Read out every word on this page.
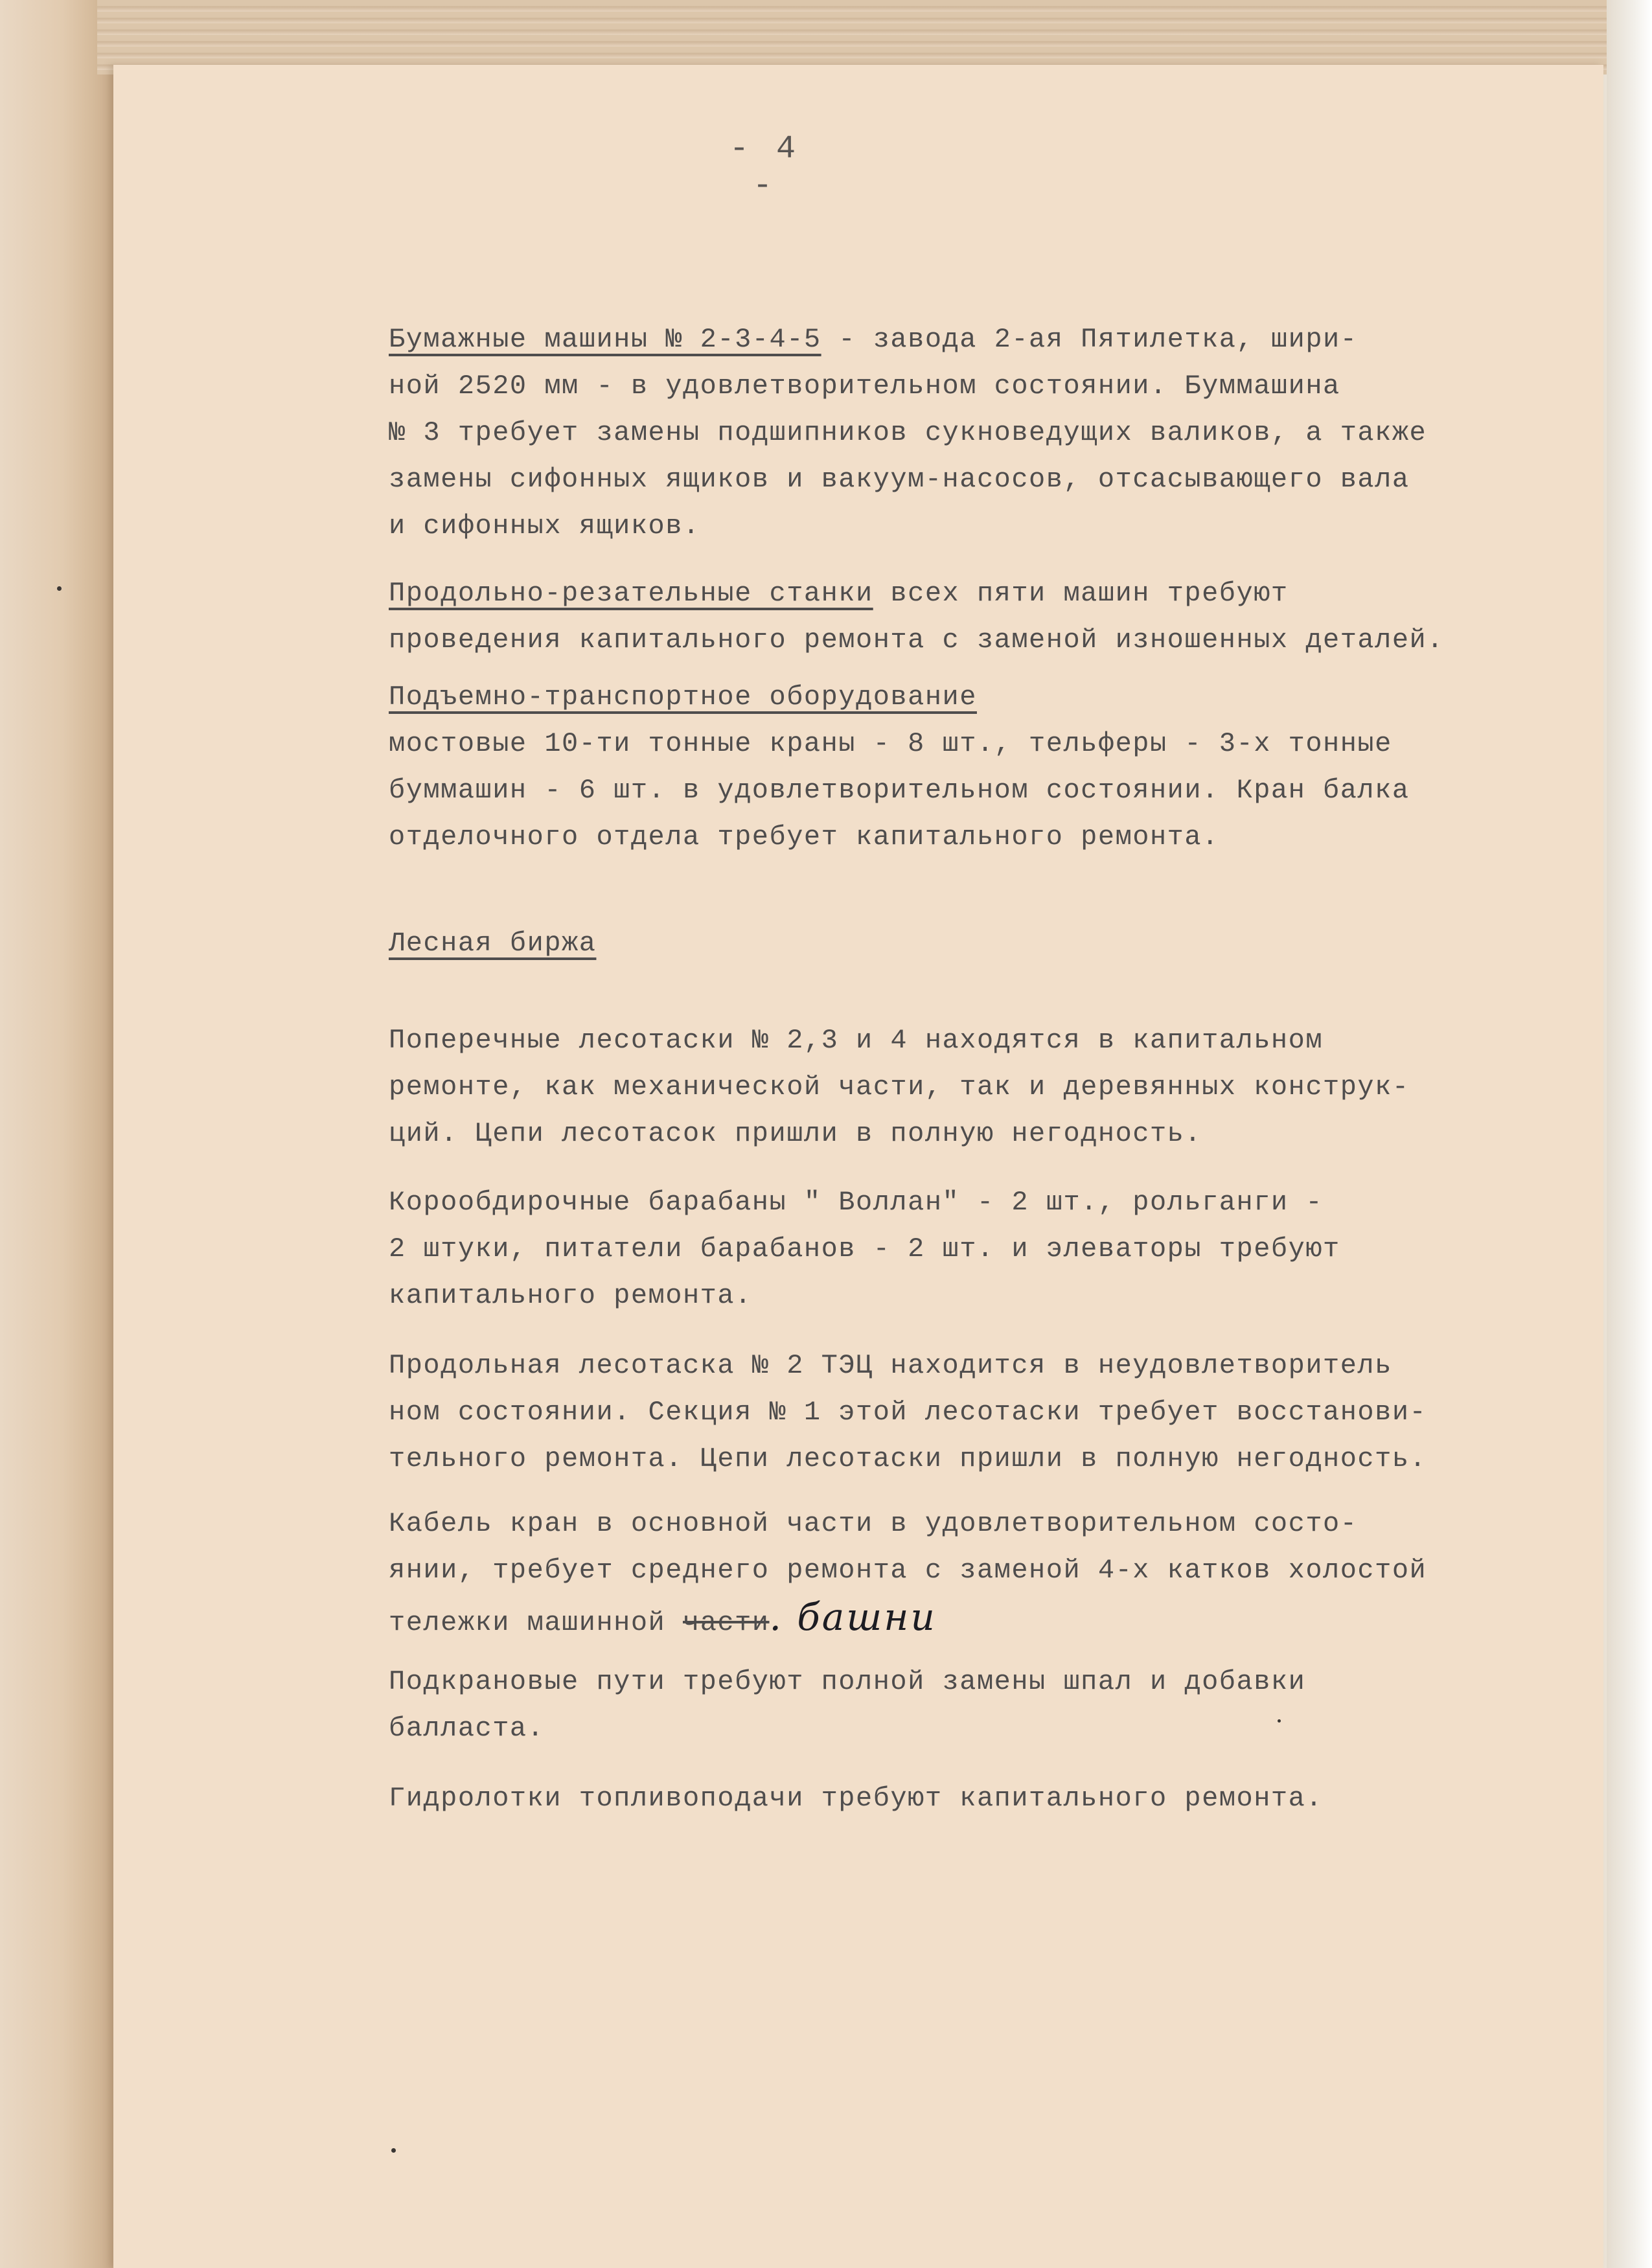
- 4 -
Бумажные машины № 2-3-4-5 - завода 2-ая Пятилетка, шири-
ной 2520 мм - в удовлетворительном состоянии. Буммашина
№ 3 требует замены подшипников сукноведущих валиков, а также
замены сифонных ящиков и вакуум-насосов, отсасывающего вала
и сифонных ящиков.
Продольно-резательные станки всех пяти машин требуют
проведения капитального ремонта с заменой изношенных деталей.
Подъемно-транспортное оборудование
мостовые 10-ти тонные краны - 8 шт., тельферы - 3-х тонные
буммашин - 6 шт. в удовлетворительном состоянии. Кран балка
отделочного отдела требует капитального ремонта.
Лесная биржа
Поперечные лесотаски № 2,3 и 4 находятся в капитальном
ремонте, как механической части, так и деревянных конструк-
ций. Цепи лесотасок пришли в полную негодность.
Корообдирочные барабаны " Воллан" - 2 шт., рольганги -
2 штуки, питатели барабанов - 2 шт. и элеваторы требуют
капитального ремонта.
Продольная лесотаска № 2 ТЭЦ находится в неудовлетворитель
ном состоянии. Секция № 1 этой лесотаски требует восстанови-
тельного ремонта. Цепи лесотаски пришли в полную негодность.
Кабель кран в основной части в удовлетворительном состо-
янии, требует среднего ремонта с заменой 4-х катков холостой
тележки машинной части. башни
Подкрановые пути требуют полной замены шпал и добавки
балласта.
Гидролотки топливоподачи требуют капитального ремонта.
